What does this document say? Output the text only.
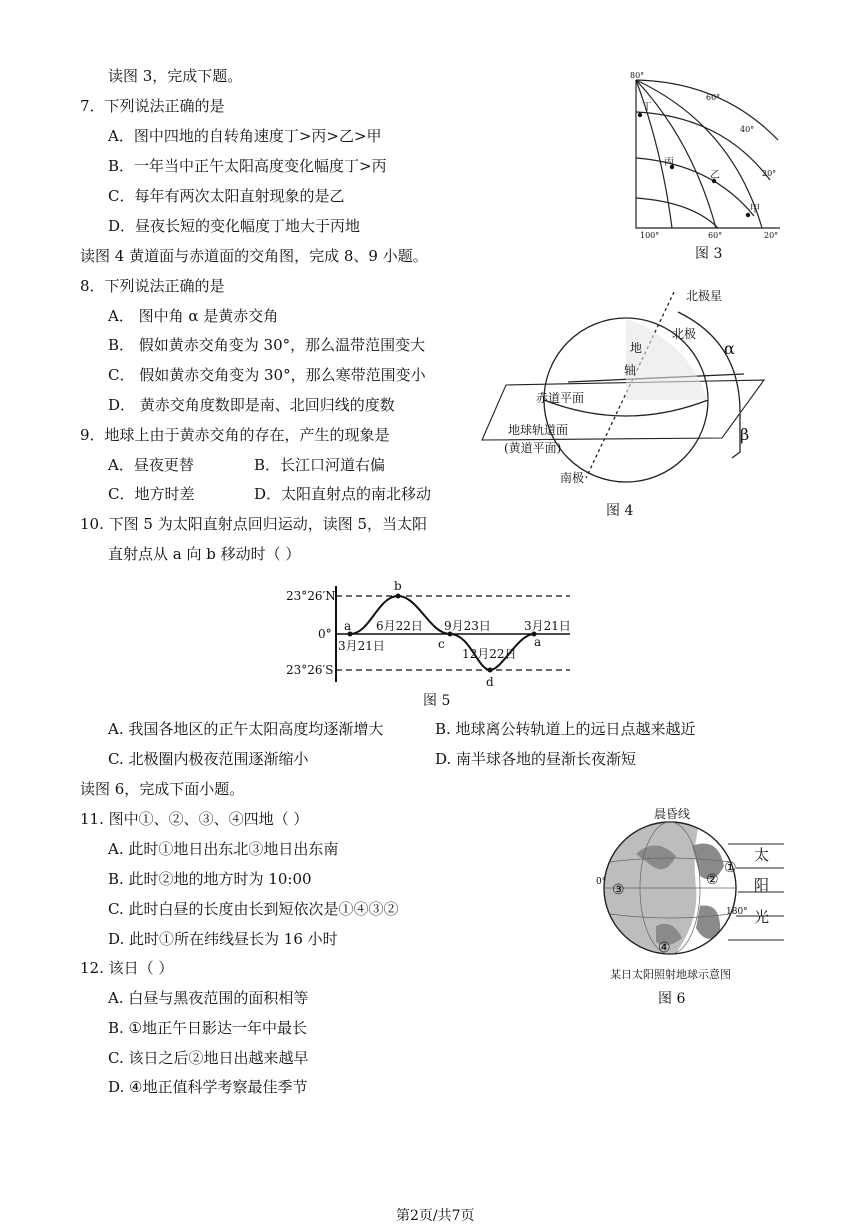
读图 3，完成下题。
7．下列说法正确的是
A．图中四地的自转角速度丁>丙>乙>甲
B．一年当中正午太阳高度变化幅度丁>丙
C．每年有两次太阳直射现象的是乙
D．昼夜长短的变化幅度丁地大于丙地
读图 4 黄道面与赤道面的交角图，完成 8、9 小题。
8．下列说法正确的是
A． 图中角 α 是黄赤交角
B． 假如黄赤交角变为 30°，那么温带范围变大
C． 假如黄赤交角变为 30°，那么寒带范围变小
D． 黄赤交角度数即是南、北回归线的度数
9．地球上由于黄赤交角的存在，产生的现象是
A．昼夜更替	B．长江口河道右偏
C．地方时差	D．太阳直射点的南北移动
10. 下图 5 为太阳直射点回归运动，读图 5，当太阳
直射点从 a 向 b 移动时（ ）
A. 我国各地区的正午太阳高度均逐渐增大	B. 地球离公转轨道上的远日点越来越近
C. 北极圈内极夜范围逐渐缩小	D. 南半球各地的昼渐长夜渐短
读图 6，完成下面小题。
11. 图中①、②、③、④四地（ ）
A. 此时①地日出东北③地日出东南
B. 此时②地的地方时为 10:00
C. 此时白昼的长度由长到短依次是①④③②
D. 此时①所在纬线昼长为 16 小时
12. 该日（ ）
A. 白昼与黑夜范围的面积相等
B. ①地正午日影达一年中最长
C. 该日之后②地日出越来越早
D. ④地正值科学考察最佳季节
80°
60°
40°
20°
100°	60°	20°
丁
丙
乙
甲
图 3
北极星
北极
地
轴
赤道平面
地球轨道面
(黄道平面)
南极
α
β
图 4
23°26′N
0°
23°26′S
a
b
c
d
a
3月21日
6月22日 9月23日
12月22日
3月21日
图 5
晨昏线
太
阳
光
0°
180°
①
②
③
④
某日太阳照射地球示意图
图 6
第2页/共7页
